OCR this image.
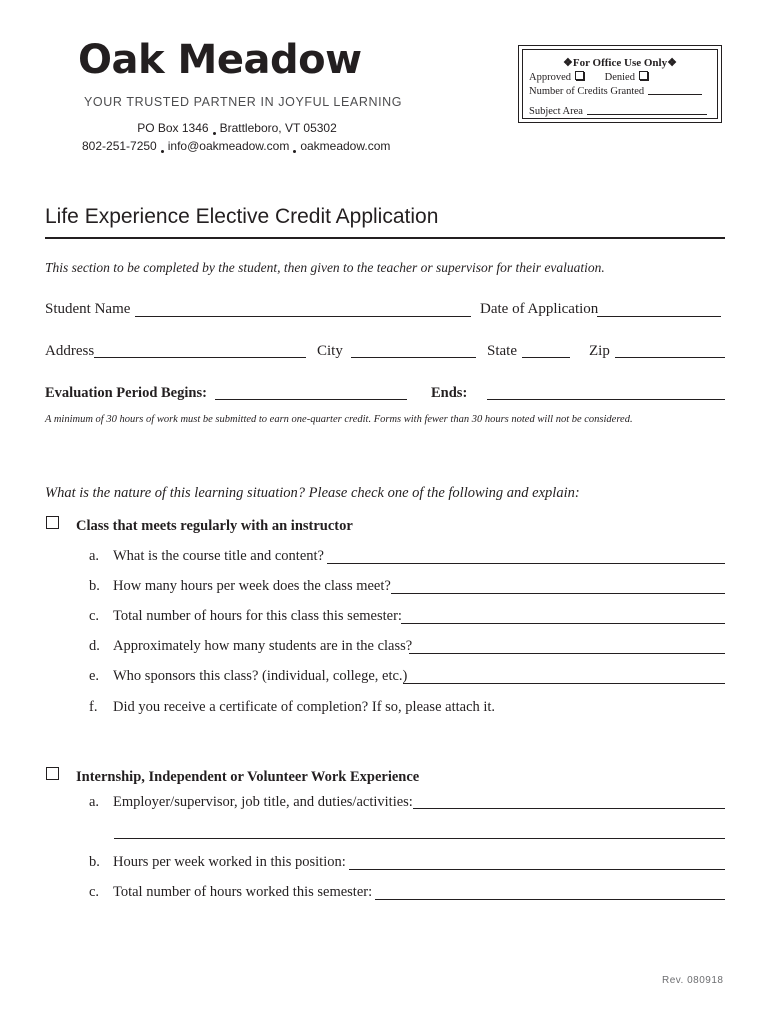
Oak Meadow
YOUR TRUSTED PARTNER IN JOYFUL LEARNING
PO Box 1346 Brattleboro, VT 05302
802-251-7250 info@oakmeadow.com oakmeadow.com
❖For Office Use Only❖
Approved	Denied
Number of Credits Granted
Subject Area
Life Experience Elective Credit Application
This section to be completed by the student, then given to the teacher or supervisor for their evaluation.
Student Name	Date of Application
Address	City	State	Zip
Evaluation Period Begins:	Ends:
A minimum of 30 hours of work must be submitted to earn one-quarter credit. Forms with fewer than 30 hours noted will not be considered.
What is the nature of this learning situation? Please check one of the following and explain:
Class that meets regularly with an instructor
a. What is the course title and content?
b. How many hours per week does the class meet?
c. Total number of hours for this class this semester:
d. Approximately how many students are in the class?
e. Who sponsors this class? (individual, college, etc.)
f. Did you receive a certificate of completion? If so, please attach it.
Internship, Independent or Volunteer Work Experience
a. Employer/supervisor, job title, and duties/activities:
b. Hours per week worked in this position:
c. Total number of hours worked this semester:
Rev. 080918
